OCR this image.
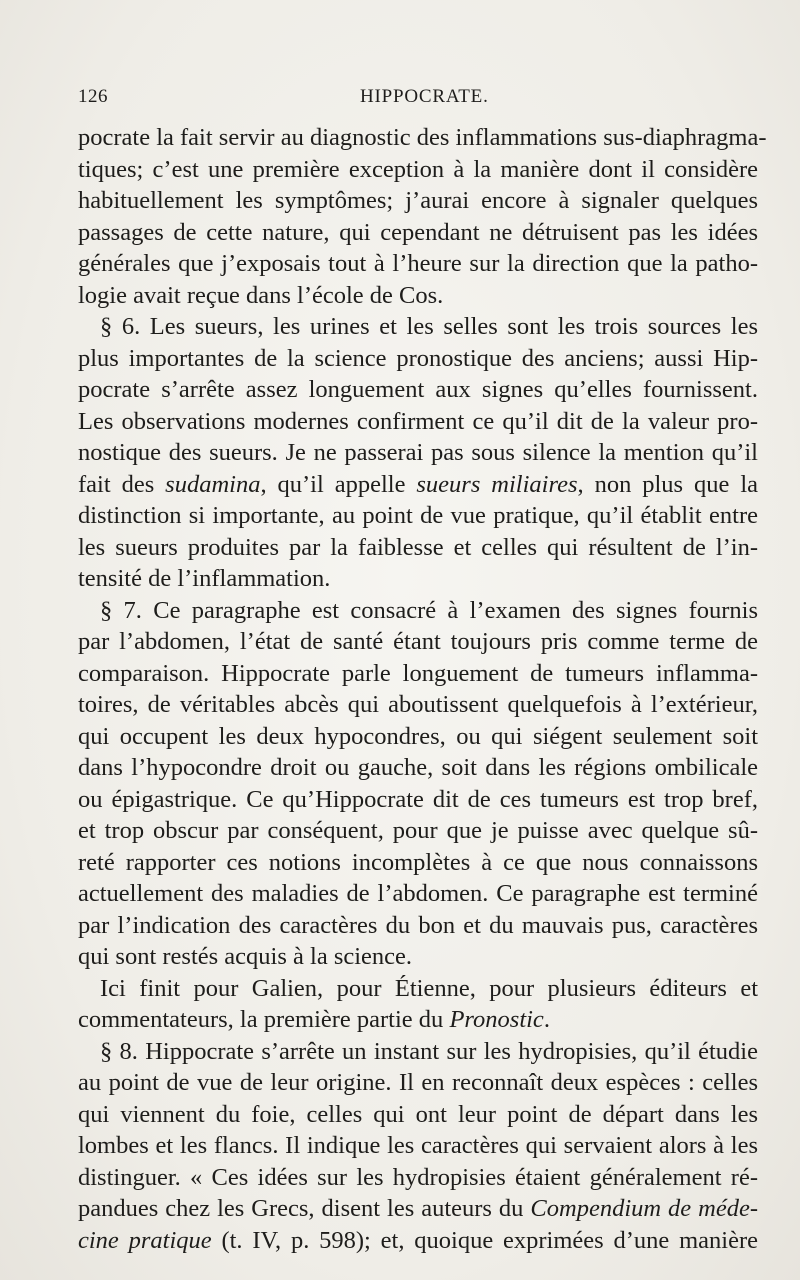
126	HIPPOCRATE.
pocrate la fait servir au diagnostic des inflammations sus-diaphragma-
tiques; c’est une première exception à la manière dont il considère
habituellement les symptômes; j’aurai encore à signaler quelques
passages de cette nature, qui cependant ne détruisent pas les idées
générales que j’exposais tout à l’heure sur la direction que la patho-
logie avait reçue dans l’école de Cos.
§ 6. Les sueurs, les urines et les selles sont les trois sources les
plus importantes de la science pronostique des anciens; aussi Hip-
pocrate s’arrête assez longuement aux signes qu’elles fournissent.
Les observations modernes confirment ce qu’il dit de la valeur pro-
nostique des sueurs. Je ne passerai pas sous silence la mention qu’il
fait des sudamina, qu’il appelle sueurs miliaires, non plus que la
distinction si importante, au point de vue pratique, qu’il établit entre
les sueurs produites par la faiblesse et celles qui résultent de l’in-
tensité de l’inflammation.
§ 7. Ce paragraphe est consacré à l’examen des signes fournis
par l’abdomen, l’état de santé étant toujours pris comme terme de
comparaison. Hippocrate parle longuement de tumeurs inflamma-
toires, de véritables abcès qui aboutissent quelquefois à l’extérieur,
qui occupent les deux hypocondres, ou qui siégent seulement soit
dans l’hypocondre droit ou gauche, soit dans les régions ombilicale
ou épigastrique. Ce qu’Hippocrate dit de ces tumeurs est trop bref,
et trop obscur par conséquent, pour que je puisse avec quelque sû-
reté rapporter ces notions incomplètes à ce que nous connaissons
actuellement des maladies de l’abdomen. Ce paragraphe est terminé
par l’indication des caractères du bon et du mauvais pus, caractères
qui sont restés acquis à la science.
Ici finit pour Galien, pour Étienne, pour plusieurs éditeurs et
commentateurs, la première partie du Pronostic.
§ 8. Hippocrate s’arrête un instant sur les hydropisies, qu’il étudie
au point de vue de leur origine. Il en reconnaît deux espèces : celles
qui viennent du foie, celles qui ont leur point de départ dans les
lombes et les flancs. Il indique les caractères qui servaient alors à les
distinguer. « Ces idées sur les hydropisies étaient généralement ré-
pandues chez les Grecs, disent les auteurs du Compendium de méde-
cine pratique (t. IV, p. 598); et, quoique exprimées d’une manière
